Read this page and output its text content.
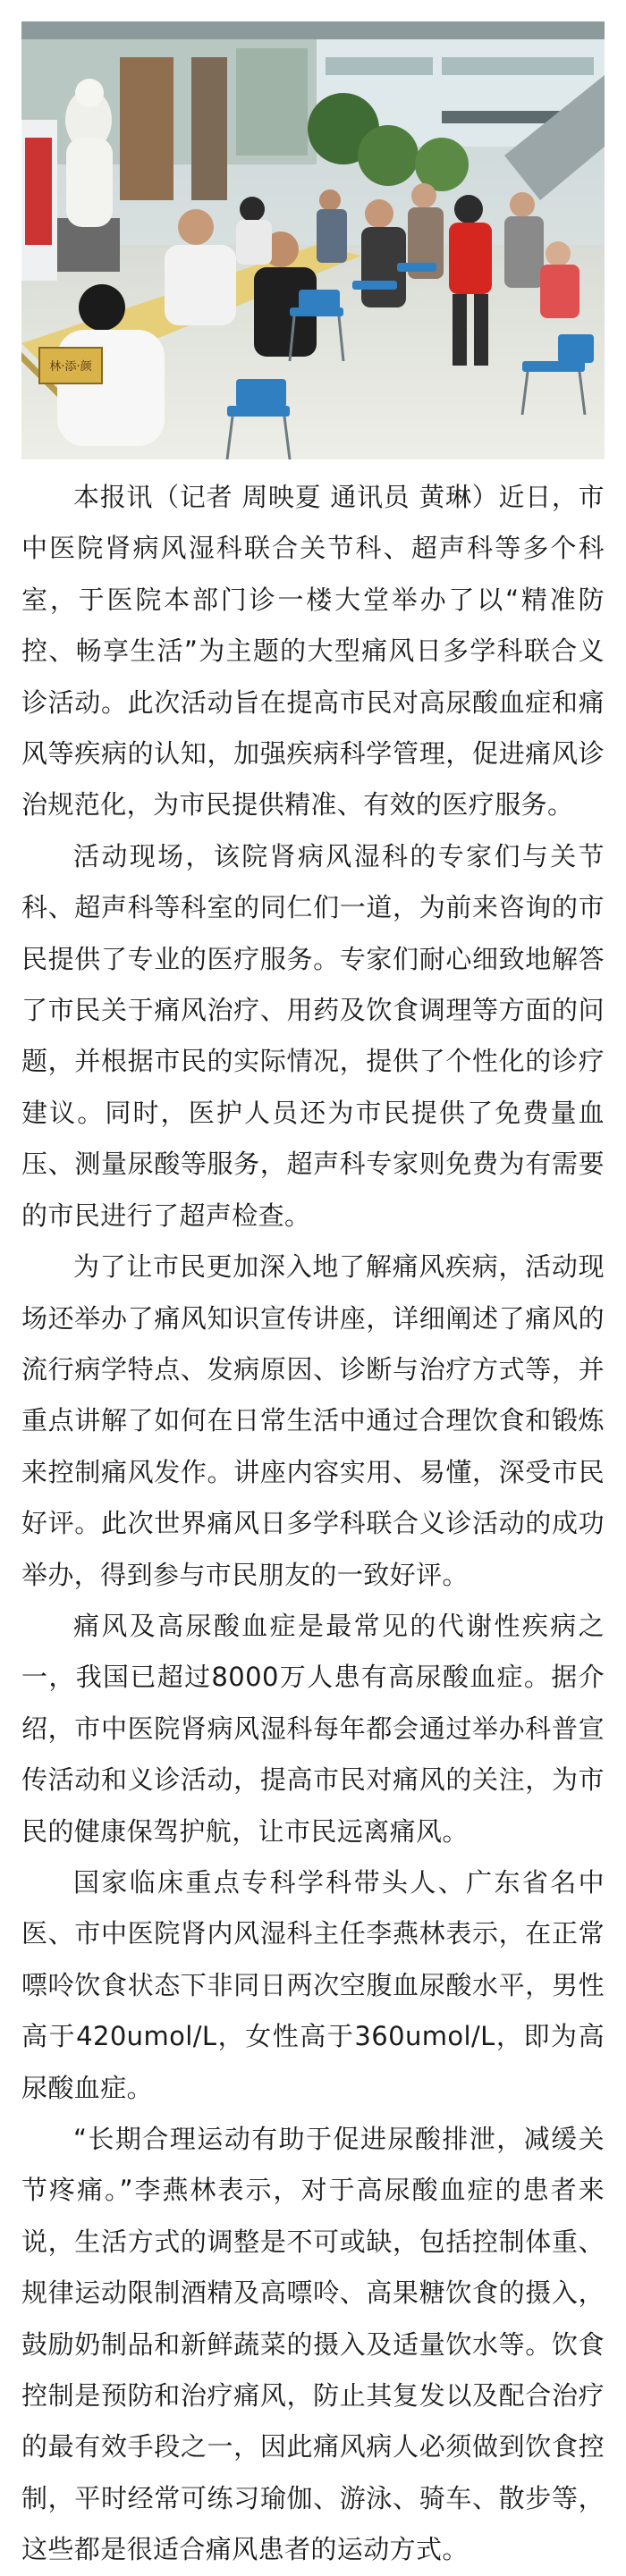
林·添·颜

本报讯（记者 周映夏 通讯员 黄琳）近日，市中医院肾病风湿科联合关节科、超声科等多个科室，于医院本部门诊一楼大堂举办了以“精准防控、畅享生活”为主题的大型痛风日多学科联合义诊活动。此次活动旨在提高市民对高尿酸血症和痛风等疾病的认知，加强疾病科学管理，促进痛风诊治规范化，为市民提供精准、有效的医疗服务。

活动现场，该院肾病风湿科的专家们与关节科、超声科等科室的同仁们一道，为前来咨询的市民提供了专业的医疗服务。专家们耐心细致地解答了市民关于痛风治疗、用药及饮食调理等方面的问题，并根据市民的实际情况，提供了个性化的诊疗建议。同时，医护人员还为市民提供了免费量血压、测量尿酸等服务，超声科专家则免费为有需要的市民进行了超声检查。

为了让市民更加深入地了解痛风疾病，活动现场还举办了痛风知识宣传讲座，详细阐述了痛风的流行病学特点、发病原因、诊断与治疗方式等，并重点讲解了如何在日常生活中通过合理饮食和锻炼来控制痛风发作。讲座内容实用、易懂，深受市民好评。此次世界痛风日多学科联合义诊活动的成功举办，得到参与市民朋友的一致好评。

痛风及高尿酸血症是最常见的代谢性疾病之一，我国已超过8000万人患有高尿酸血症。据介绍，市中医院肾病风湿科每年都会通过举办科普宣传活动和义诊活动，提高市民对痛风的关注，为市民的健康保驾护航，让市民远离痛风。

国家临床重点专科学科带头人、广东省名中医、市中医院肾内风湿科主任李燕林表示，在正常嘌呤饮食状态下非同日两次空腹血尿酸水平，男性高于420umol/L，女性高于360umol/L，即为高尿酸血症。

“长期合理运动有助于促进尿酸排泄，减缓关节疼痛。”李燕林表示，对于高尿酸血症的患者来说，生活方式的调整是不可或缺，包括控制体重、规律运动限制酒精及高嘌呤、高果糖饮食的摄入，鼓励奶制品和新鲜蔬菜的摄入及适量饮水等。饮食控制是预防和治疗痛风，防止其复发以及配合治疗的最有效手段之一，因此痛风病人必须做到饮食控制，平时经常可练习瑜伽、游泳、骑车、散步等，这些都是很适合痛风患者的运动方式。
